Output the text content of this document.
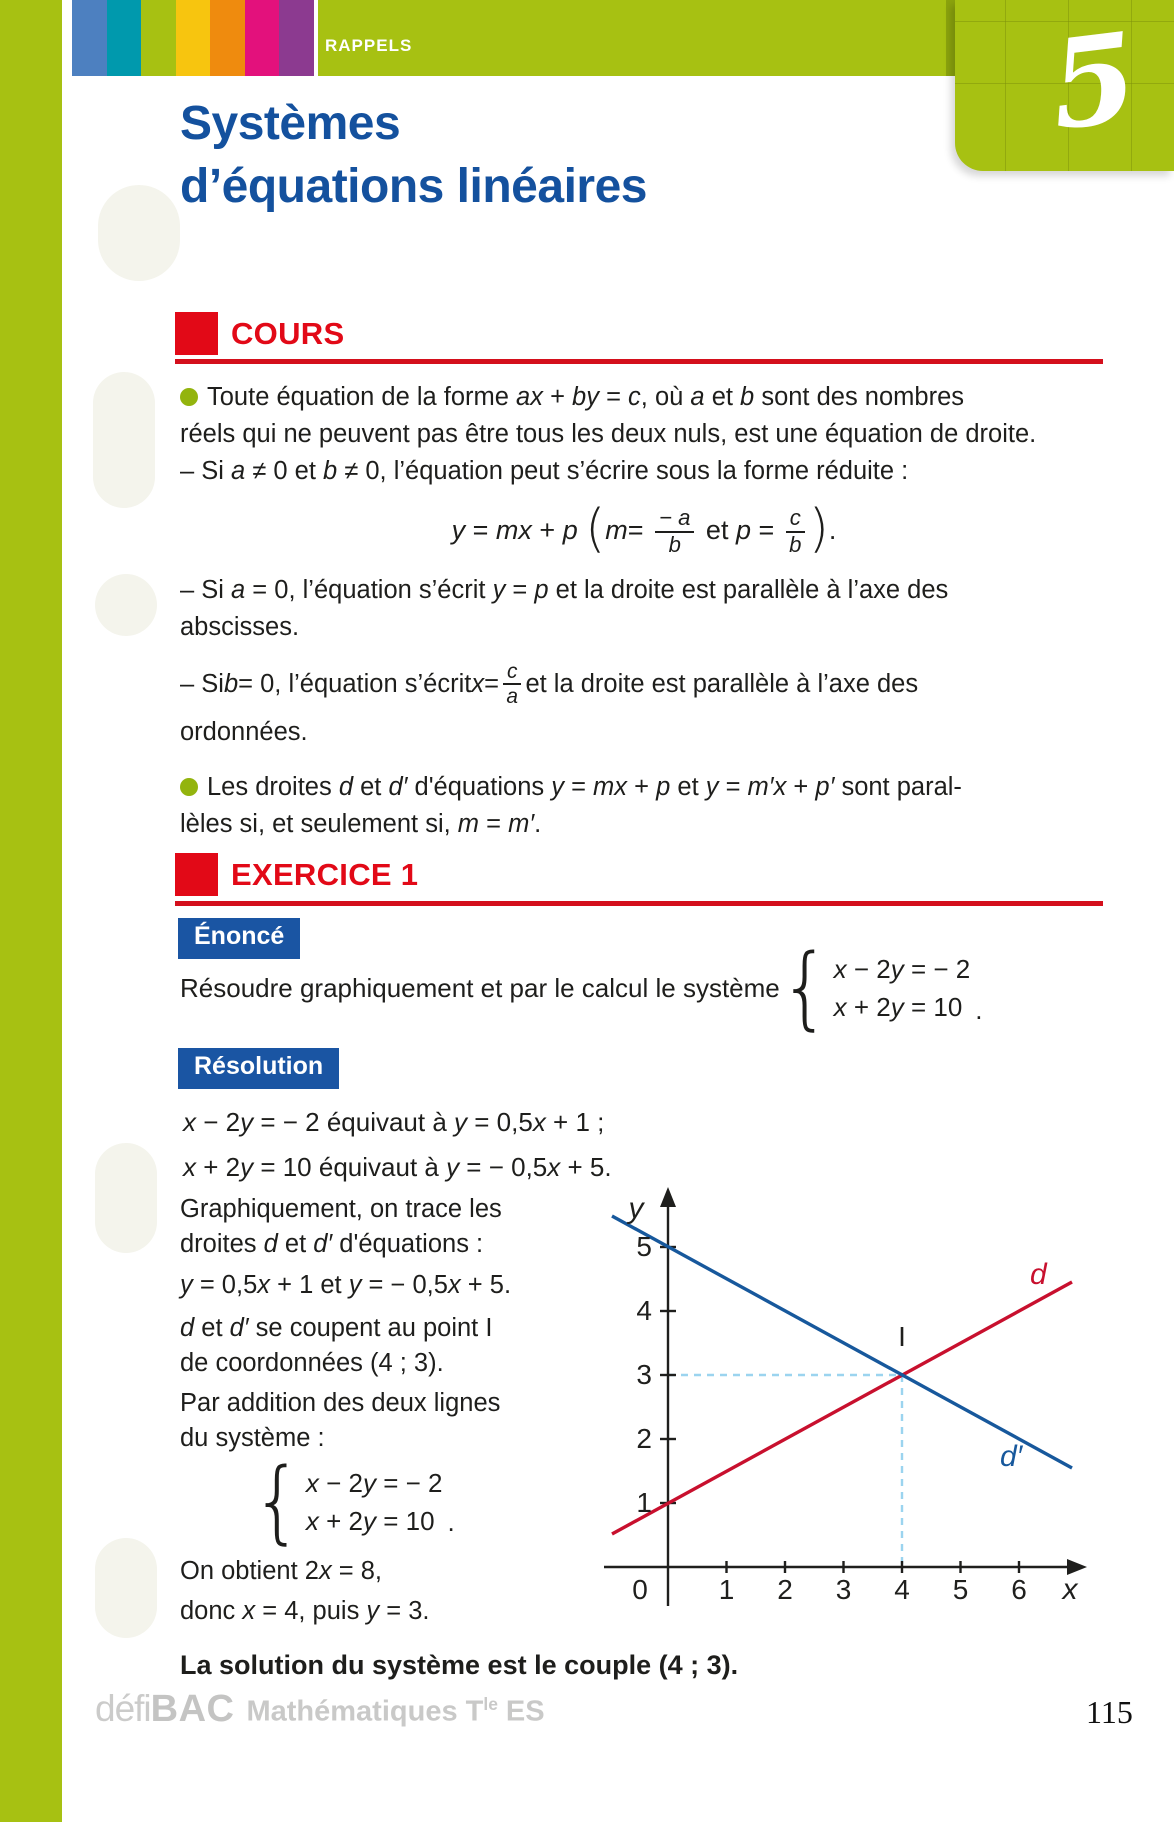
RAPPELS	5
Systèmes
d’équations linéaires
COURS
Toute équation de la forme ax + by = c, où a et b sont des nombres
réels qui ne peuvent pas être tous les deux nuls, est une équation de droite.
– Si a ≠ 0 et b ≠ 0, l’équation peut s’écrire sous la forme réduite :
y = mx + p ($m= \frac{- a}{b}$ et $p = \frac{c}{b}$ ).
– Si a = 0, l’équation s’écrit y = p et la droite est parallèle à l’axe des
abscisses.
– Si b = 0, l’équation s’écrit $x = \frac{c}{a}$ et la droite est parallèle à l’axe des
ordonnées.
Les droites d et d′ d'équations y = mx + p et y = m′x + p′ sont paral-
lèles si, et seulement si, m = m′.
EXERCICE 1
Énoncé
Résoudre graphiquement et par le calcul le système { x − 2y = − 2
x + 2y = 10 .
Résolution
x − 2y = − 2 équivaut à y = 0,5x + 1 ;
x + 2y = 10 équivaut à y = − 0,5x + 5.
Graphiquement, on trace les
droites d et d′ d'équations :
y = 0,5x + 1 et y = − 0,5x + 5.
d et d′ se coupent au point I
de coordonnées (4 ; 3).
Par addition des deux lignes
du système :
{ x − 2y = − 2
x + 2y = 10 .
On obtient 2x = 8,
donc x = 4, puis y = 3.
La solution du système est le couple (4 ; 3).
5
4
3
2
1
0	1 2 3 4 5 6
y
x
d
d′
I
défi BAC Mathématiques $T^{le}$ ES	115
